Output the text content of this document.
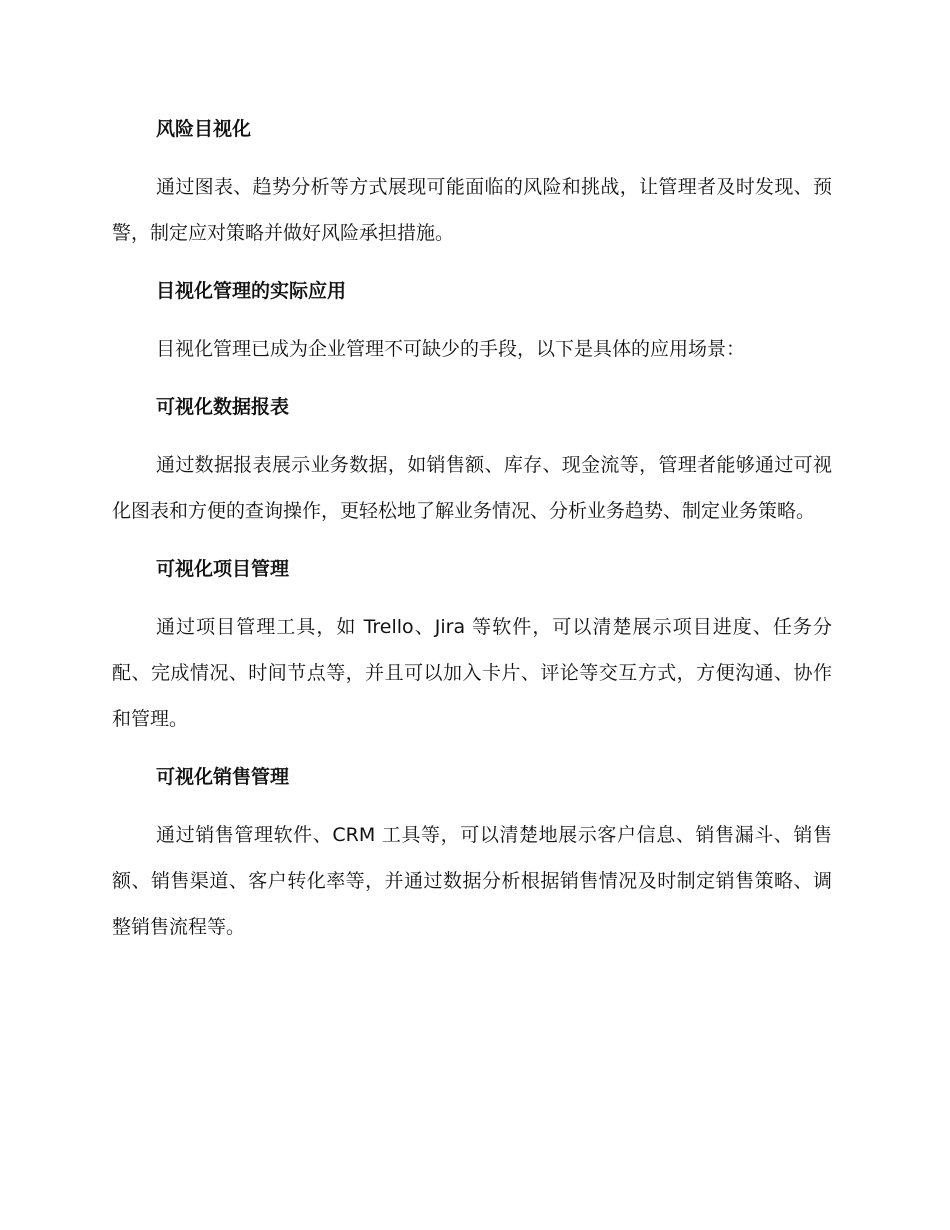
风险目视化
通过图表、趋势分析等方式展现可能面临的风险和挑战，让管理者及时发现、预警，制定应对策略并做好风险承担措施。
目视化管理的实际应用
目视化管理已成为企业管理不可缺少的手段，以下是具体的应用场景：
可视化数据报表
通过数据报表展示业务数据，如销售额、库存、现金流等，管理者能够通过可视化图表和方便的查询操作，更轻松地了解业务情况、分析业务趋势、制定业务策略。
可视化项目管理
通过项目管理工具，如 Trello、Jira 等软件，可以清楚展示项目进度、任务分配、完成情况、时间节点等，并且可以加入卡片、评论等交互方式，方便沟通、协作和管理。
可视化销售管理
通过销售管理软件、CRM 工具等，可以清楚地展示客户信息、销售漏斗、销售额、销售渠道、客户转化率等，并通过数据分析根据销售情况及时制定销售策略、调整销售流程等。
